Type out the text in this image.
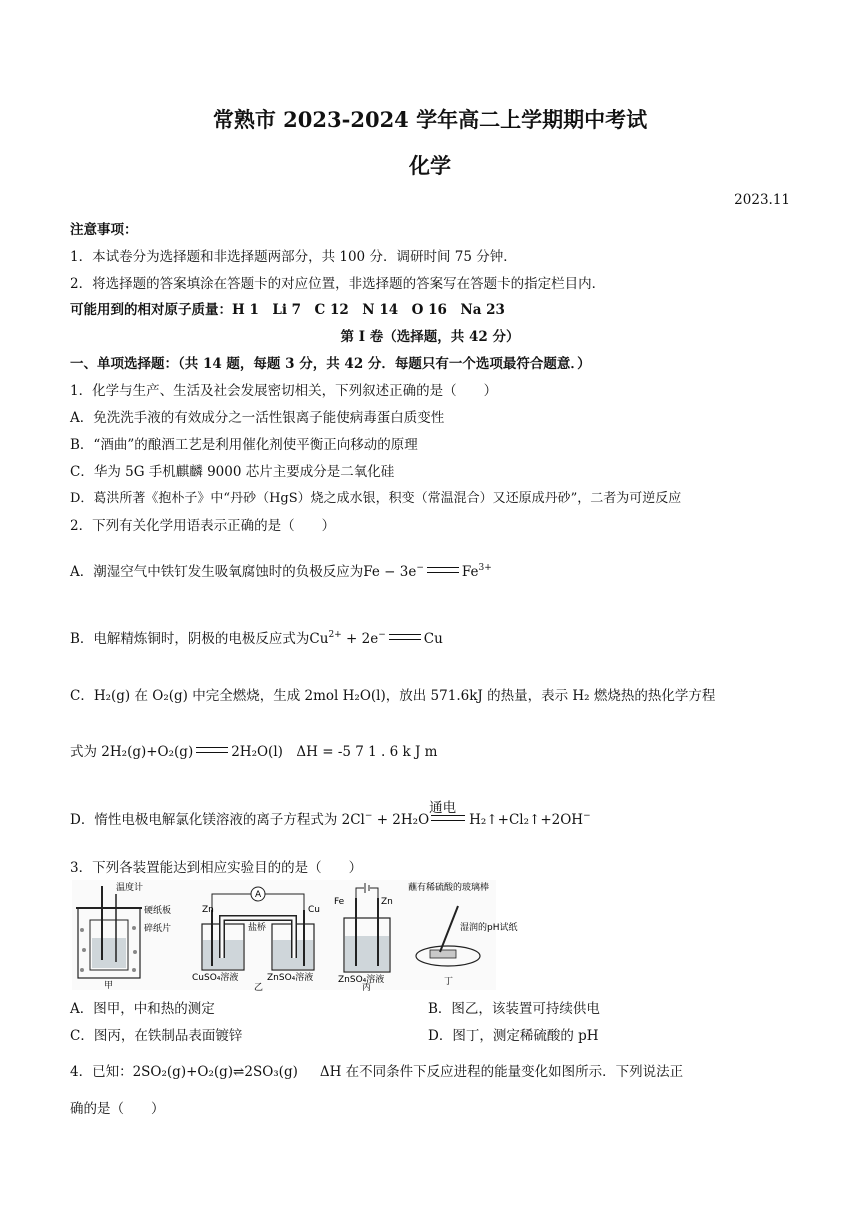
常熟市 2023-2024 学年高二上学期期中考试
化学
2023.11
注意事项：
1．本试卷分为选择题和非选择题两部分，共 100 分．调研时间 75 分钟．
2．将选择题的答案填涂在答题卡的对应位置，非选择题的答案写在答题卡的指定栏目内．
可能用到的相对原子质量：H 1　Li 7　C 12　N 14　O 16　Na 23
第 I 卷（选择题，共 42 分）
一、单项选择题：（共 14 题，每题 3 分，共 42 分．每题只有一个选项最符合题意．）
1．化学与生产、生活及社会发展密切相关，下列叙述正确的是（　　）
A．免洗洗手液的有效成分之一活性银离子能使病毒蛋白质变性
B．“酒曲”的酿酒工艺是利用催化剂使平衡正向移动的原理
C．华为 5G 手机麒麟 9000 芯片主要成分是二氧化硅
D．葛洪所著《抱朴子》中“丹砂（HgS）烧之成水银，积变（常温混合）又还原成丹砂”，二者为可逆反应
2．下列有关化学用语表示正确的是（　　）
A．潮湿空气中铁钉发生吸氧腐蚀时的负极反应为Fe − 3e−	$Fe^{3+}$
B．电解精炼铜时，阴极的电极反应式为$Cu^{2+} + 2e^-$	Cu
C．H₂(g) 在 O₂(g) 中完全燃烧，生成 2mol H₂O(l)，放出 571.6kJ 的热量，表示 H₂ 燃烧热的热化学方程
式为 2H₂(g)+O₂(g)	2H₂O(l)　ΔH = -5 7 1 . 6 k J m
D．惰性电极电解氯化镁溶液的离子方程式为 2Cl− + 2H₂O
通电
H₂↑+Cl₂↑+2OH−
3．下列各装置能达到相应实验目的的是（　　）
温度计
硬纸板
碎纸片
甲
A
Zn	Cu
盐桥
CuSO₄溶液	ZnSO₄溶液
乙
Fe	Zn
ZnSO₄溶液
丙
蘸有稀硫酸的玻璃棒
湿润的pH试纸
丁
A．图甲，中和热的测定	B．图乙，该装置可持续供电
C．图丙，在铁制品表面镀锌	D．图丁，测定稀硫酸的 pH
4．已知：2SO₂(g)+O₂(g)⇌2SO₃(g) ΔH 在不同条件下反应进程的能量变化如图所示．下列说法正
确的是（　　）
